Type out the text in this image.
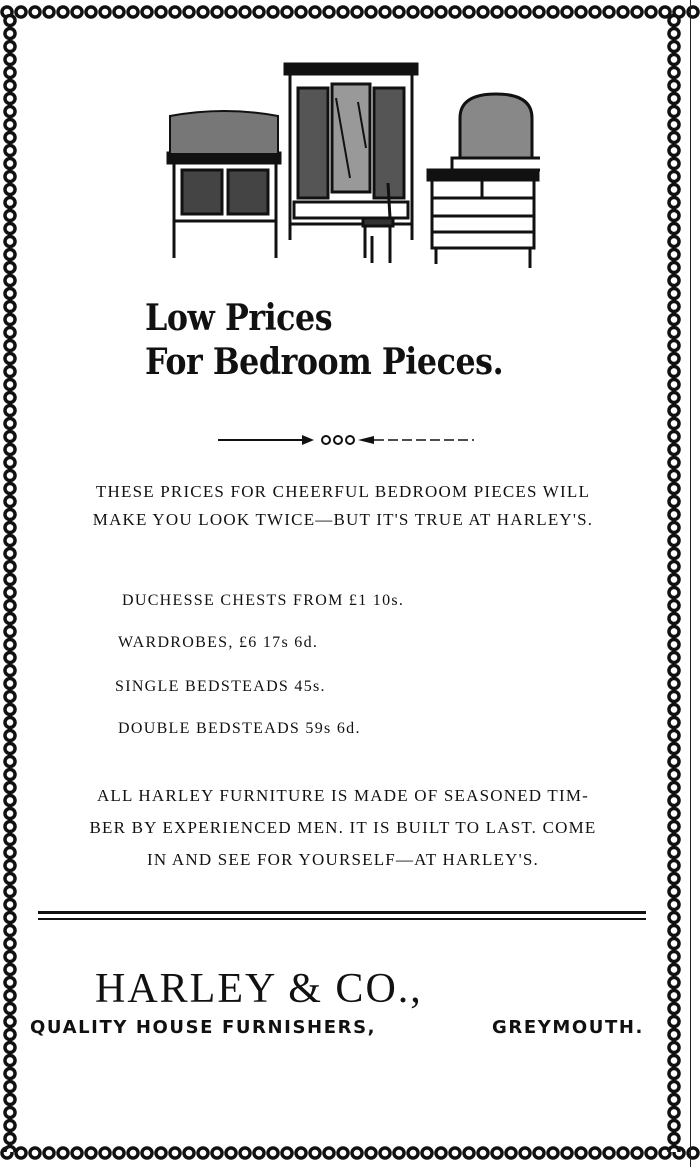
Low Prices
For Bedroom Pieces.
THESE PRICES FOR CHEERFUL BEDROOM PIECES WILL
MAKE YOU LOOK TWICE—BUT IT'S TRUE AT HARLEY'S.
DUCHESSE CHESTS FROM £1 10s.
WARDROBES, £6 17s 6d.
SINGLE BEDSTEADS 45s.
DOUBLE BEDSTEADS 59s 6d.
ALL HARLEY FURNITURE IS MADE OF SEASONED TIM-
BER BY EXPERIENCED MEN. IT IS BUILT TO LAST. COME
IN AND SEE FOR YOURSELF—AT HARLEY'S.
HARLEY & CO.,
QUALITY HOUSE FURNISHERS,	GREYMOUTH.
